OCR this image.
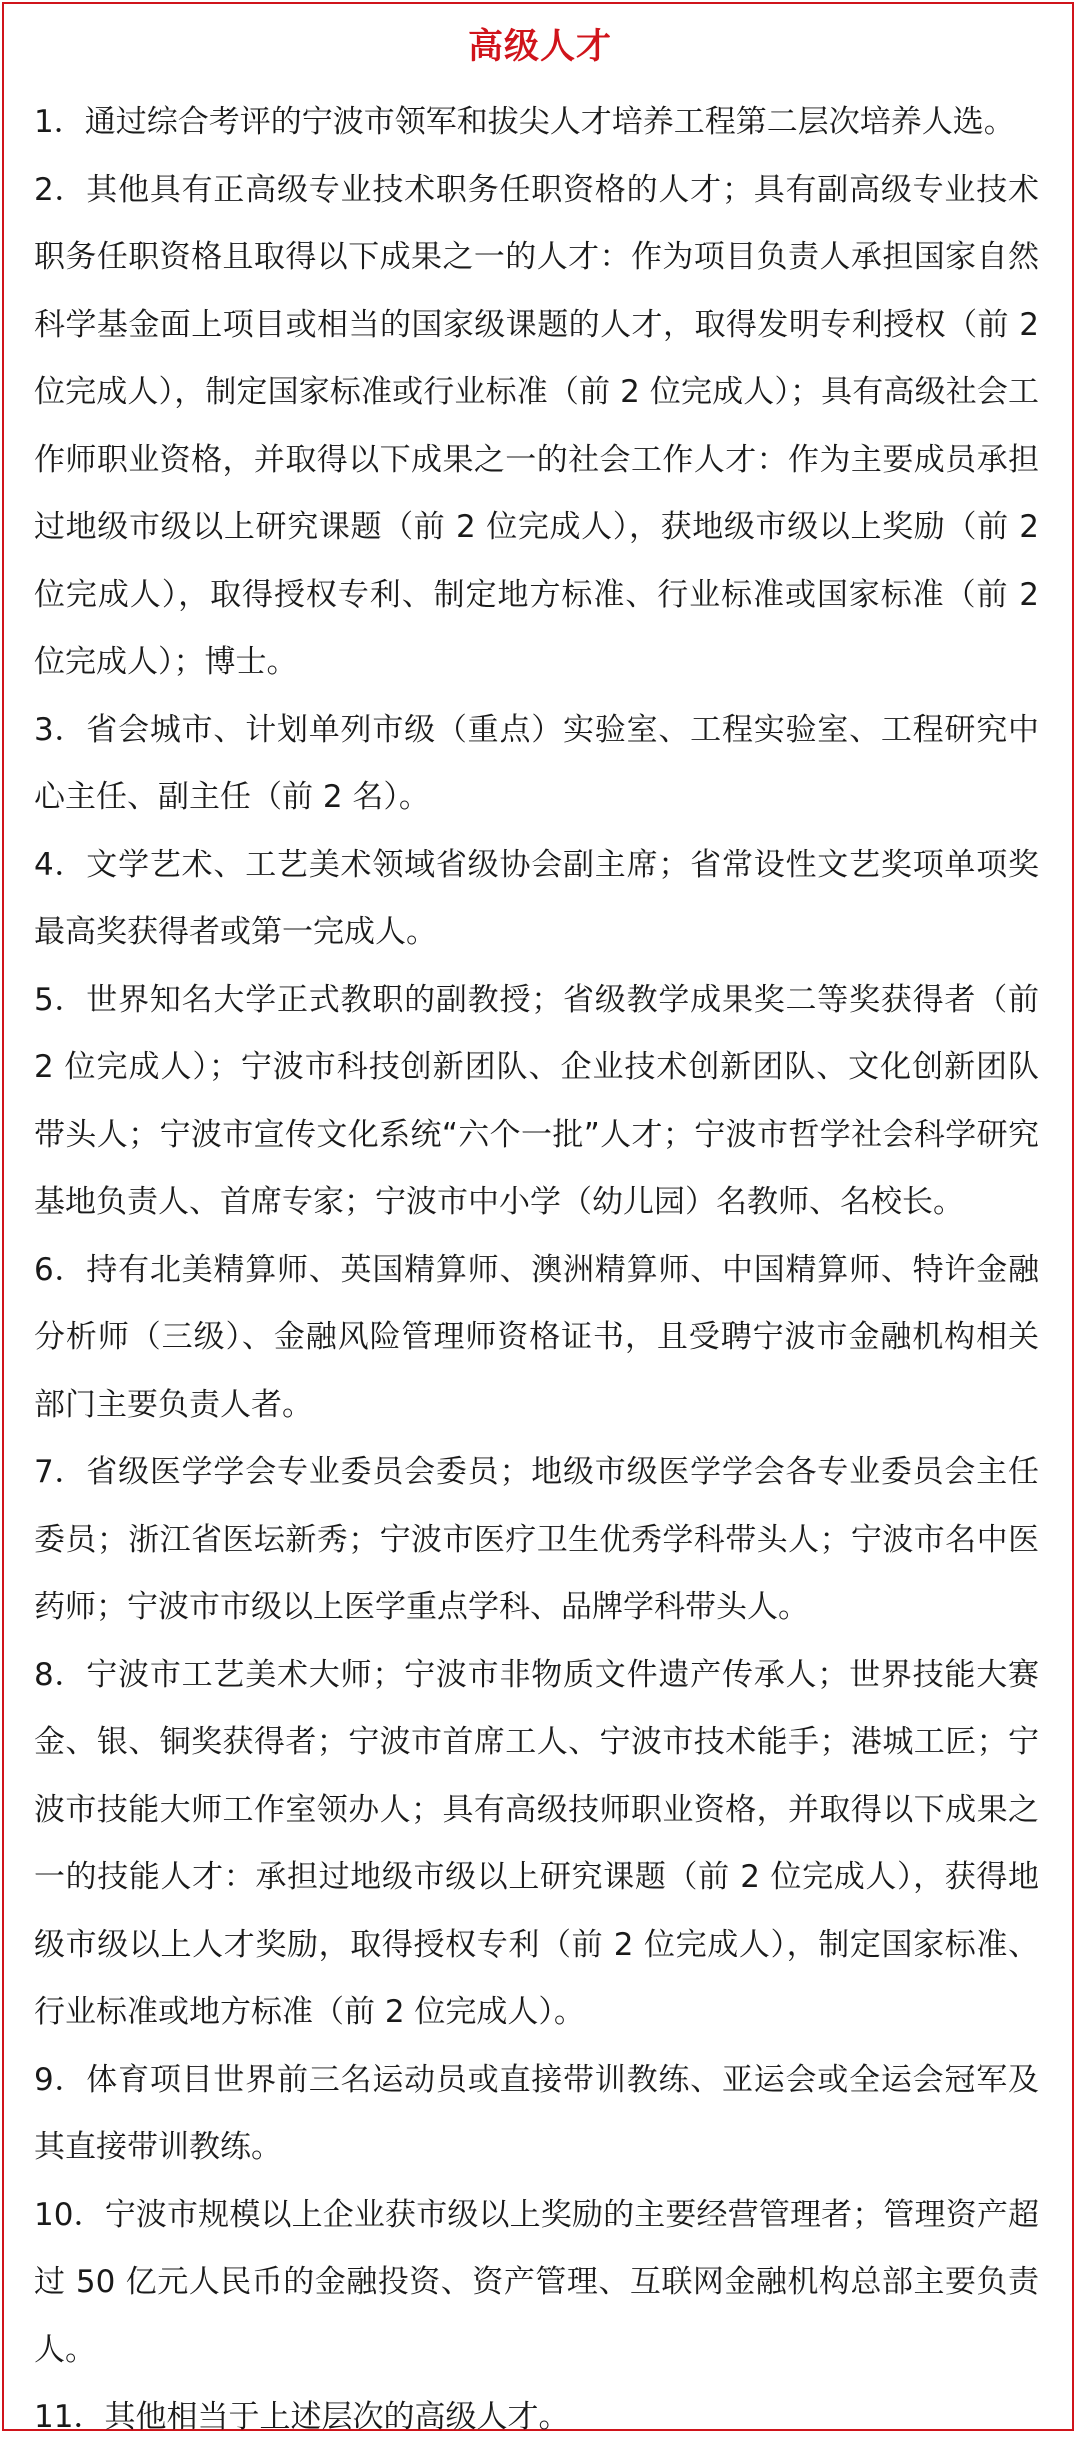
高级人才

1．通过综合考评的宁波市领军和拔尖人才培养工程第二层次培养人选。

2．其他具有正高级专业技术职务任职资格的人才；具有副高级专业技术职务任职资格且取得以下成果之一的人才：作为项目负责人承担国家自然科学基金面上项目或相当的国家级课题的人才，取得发明专利授权（前 2 位完成人），制定国家标准或行业标准（前 2 位完成人）；具有高级社会工作师职业资格，并取得以下成果之一的社会工作人才：作为主要成员承担过地级市级以上研究课题（前 2 位完成人），获地级市级以上奖励（前 2 位完成人），取得授权专利、制定地方标准、行业标准或国家标准（前 2 位完成人）；博士。

3．省会城市、计划单列市级（重点）实验室、工程实验室、工程研究中心主任、副主任（前 2 名）。

4．文学艺术、工艺美术领域省级协会副主席；省常设性文艺奖项单项奖最高奖获得者或第一完成人。

5．世界知名大学正式教职的副教授；省级教学成果奖二等奖获得者（前 2 位完成人）；宁波市科技创新团队、企业技术创新团队、文化创新团队带头人；宁波市宣传文化系统“六个一批”人才；宁波市哲学社会科学研究基地负责人、首席专家；宁波市中小学（幼儿园）名教师、名校长。

6．持有北美精算师、英国精算师、澳洲精算师、中国精算师、特许金融分析师（三级）、金融风险管理师资格证书，且受聘宁波市金融机构相关部门主要负责人者。

7．省级医学学会专业委员会委员；地级市级医学学会各专业委员会主任委员；浙江省医坛新秀；宁波市医疗卫生优秀学科带头人；宁波市名中医药师；宁波市市级以上医学重点学科、品牌学科带头人。

8．宁波市工艺美术大师；宁波市非物质文件遗产传承人；世界技能大赛金、银、铜奖获得者；宁波市首席工人、宁波市技术能手；港城工匠；宁波市技能大师工作室领办人；具有高级技师职业资格，并取得以下成果之一的技能人才：承担过地级市级以上研究课题（前 2 位完成人），获得地级市级以上人才奖励，取得授权专利（前 2 位完成人），制定国家标准、行业标准或地方标准（前 2 位完成人）。

9．体育项目世界前三名运动员或直接带训教练、亚运会或全运会冠军及其直接带训教练。

10．宁波市规模以上企业获市级以上奖励的主要经营管理者；管理资产超过 50 亿元人民币的金融投资、资产管理、互联网金融机构总部主要负责人。

11．其他相当于上述层次的高级人才。
